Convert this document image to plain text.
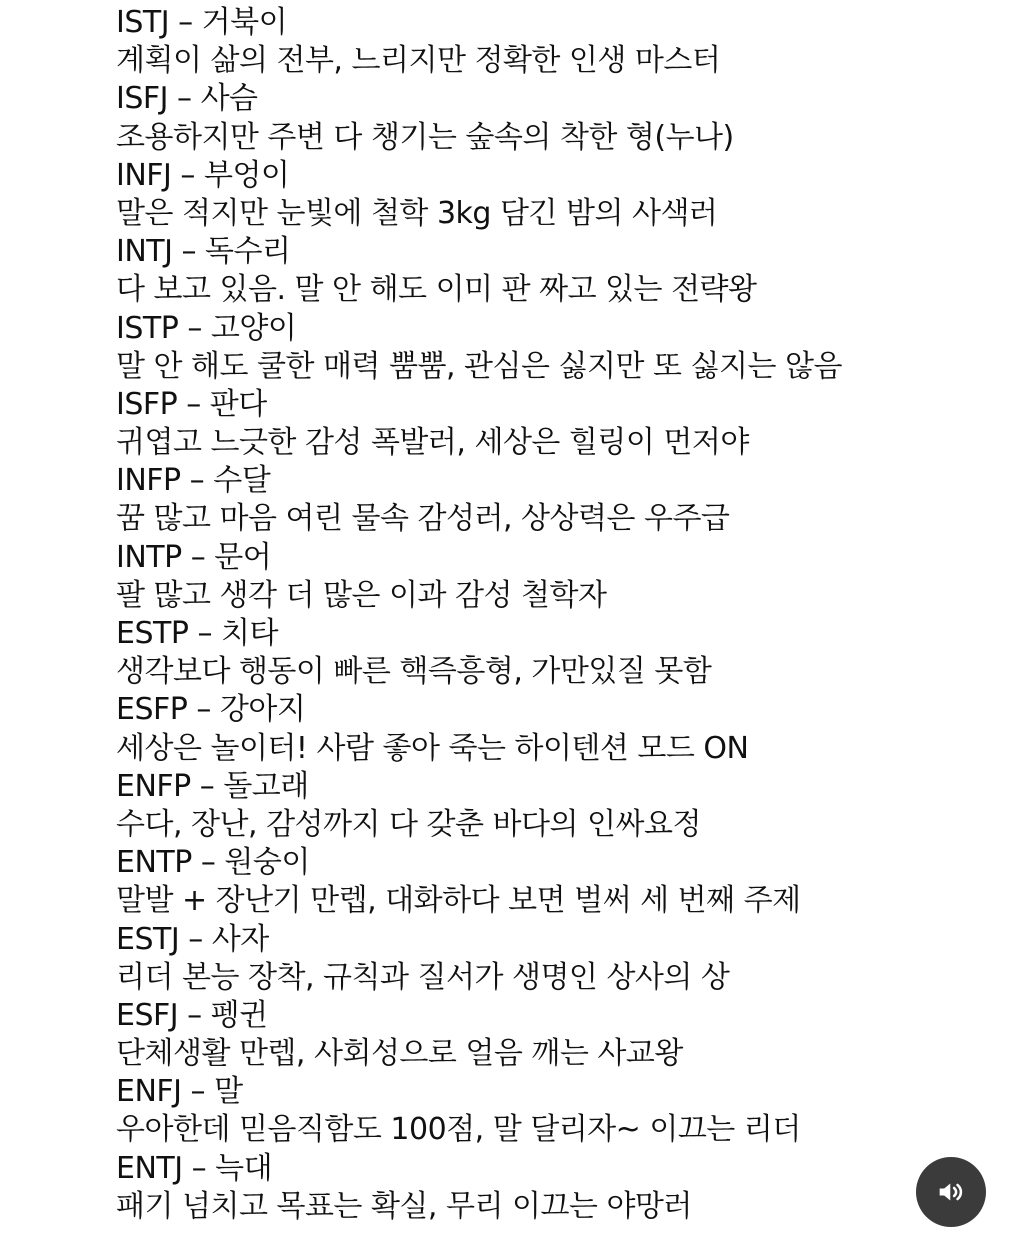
ISTJ – 거북이
계획이 삶의 전부, 느리지만 정확한 인생 마스터
ISFJ – 사슴
조용하지만 주변 다 챙기는 숲속의 착한 형(누나)
INFJ – 부엉이
말은 적지만 눈빛에 철학 3kg 담긴 밤의 사색러
INTJ – 독수리
다 보고 있음. 말 안 해도 이미 판 짜고 있는 전략왕
ISTP – 고양이
말 안 해도 쿨한 매력 뿜뿜, 관심은 싫지만 또 싫지는 않음
ISFP – 판다
귀엽고 느긋한 감성 폭발러, 세상은 힐링이 먼저야
INFP – 수달
꿈 많고 마음 여린 물속 감성러, 상상력은 우주급
INTP – 문어
팔 많고 생각 더 많은 이과 감성 철학자
ESTP – 치타
생각보다 행동이 빠른 핵즉흥형, 가만있질 못함
ESFP – 강아지
세상은 놀이터! 사람 좋아 죽는 하이텐션 모드 ON
ENFP – 돌고래
수다, 장난, 감성까지 다 갖춘 바다의 인싸요정
ENTP – 원숭이
말발 + 장난기 만렙, 대화하다 보면 벌써 세 번째 주제
ESTJ – 사자
리더 본능 장착, 규칙과 질서가 생명인 상사의 상
ESFJ – 펭귄
단체생활 만렙, 사회성으로 얼음 깨는 사교왕
ENFJ – 말
우아한데 믿음직함도 100점, 말 달리자~ 이끄는 리더
ENTJ – 늑대
패기 넘치고 목표는 확실, 무리 이끄는 야망러
